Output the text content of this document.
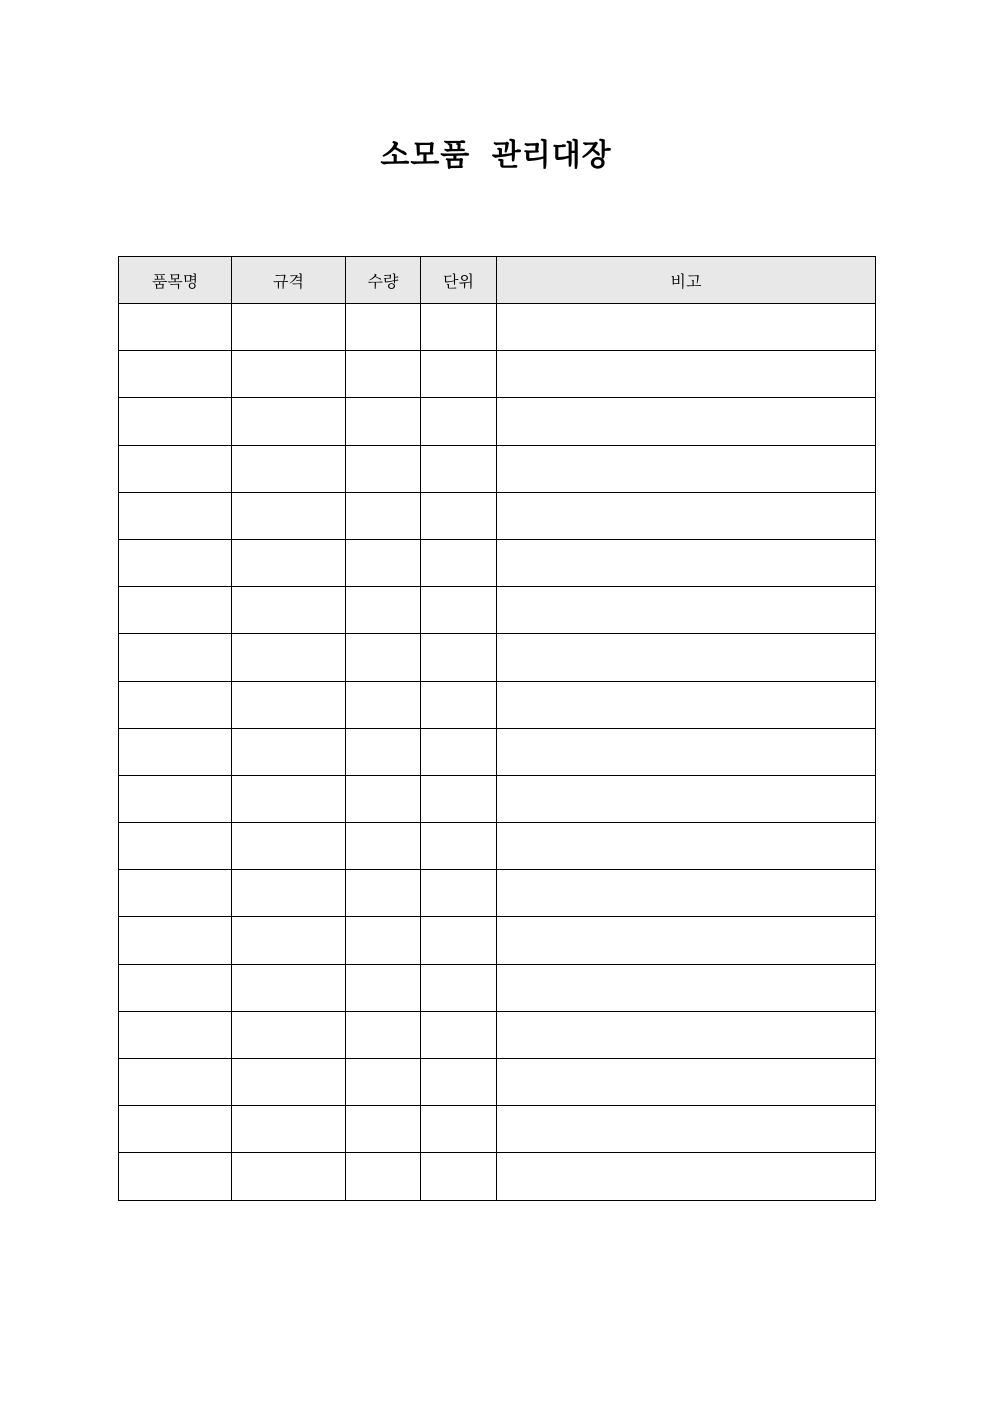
소모품 관리대장
품목명	규격	수량	단위	비고
